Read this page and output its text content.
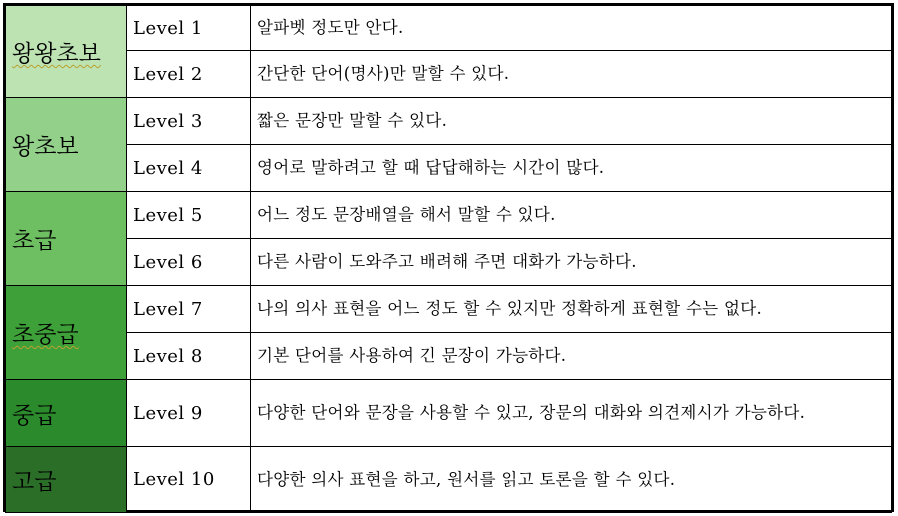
왕왕초보	Level 1	알파벳 정도만 안다.
	Level 2	간단한 단어(명사)만 말할 수 있다.
왕초보	Level 3	짧은 문장만 말할 수 있다.
	Level 4	영어로 말하려고 할 때 답답해하는 시간이 많다.
초급	Level 5	어느 정도 문장배열을 해서 말할 수 있다.
	Level 6	다른 사람이 도와주고 배려해 주면 대화가 가능하다.
초중급	Level 7	나의 의사 표현을 어느 정도 할 수 있지만 정확하게 표현할 수는 없다.
	Level 8	기본 단어를 사용하여 긴 문장이 가능하다.
중급	Level 9	다양한 단어와 문장을 사용할 수 있고, 장문의 대화와 의견제시가 가능하다.
고급	Level 10	다양한 의사 표현을 하고, 원서를 읽고 토론을 할 수 있다.
